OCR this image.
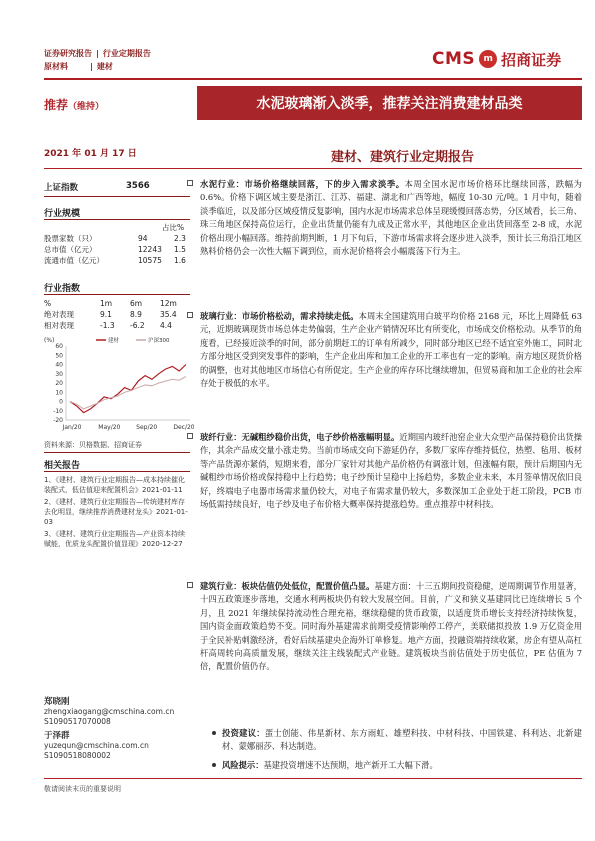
证券研究报告 | 行业定期报告
原材料	| 建材	CMS m 招商证券
推荐（维持）	水泥玻璃渐入淡季，推荐关注消费建材品类
2021 年 01 月 17 日	建材、建筑行业定期报告
上证指数	3566
行业规模
占比%
股票家数（只）	94	2.3
总市值（亿元）	12243	1.5
流通市值（亿元）	10575	1.6
行业指数
%	1m	6m	12m
绝对表现	9.1	8.9	35.4
相对表现	-1.3	-6.2	4.4
(%)
60
50
40
30
20
10
0
-10
-20
Jan/20	May/20	Sep/20	Dec/20
建材	沪深300
资料来源：贝格数据、招商证券
相关报告
1、《建材、建筑行业定期报告—成本持续催化装配式，低估值迎来配置机会》2021-01-11
2、《建材、建筑行业定期报告—传统建材库存去化明显，继续推荐消费建材龙头》2021-01-03
3、《建材、建筑行业定期报告—产业资本持续赋能，优质龙头配置价值显现》2020-12-27
郑晓刚
zhengxiaogang@cmschina.com.cn
S1090517070008
于泽群
yuzequn@cmschina.com.cn
S1090518080002
水泥行业：市场价格继续回落，下的步入需求淡季。本周全国水泥市场价格环比继续回落，跌幅为 0.6%。价格下调区域主要是浙江、江苏、福建、湖北和广西等地，幅度 10-30 元/吨。1 月中旬，随着淡季临近，以及部分区域疫情反复影响，国内水泥市场需求总体呈现缓慢回落态势，分区域看，长三角、珠三角地区保持高位运行，企业出货量仍能有九成及正常水平，其他地区企业出货回落至 2-8 成，水泥价格出现小幅回落。维持前期判断，1 月下旬后，下游市场需求将会逐步进入淡季，预计长三角沿江地区熟料价格仍会一次性大幅下调到位，而水泥价格将会小幅震荡下行为主。
玻璃行业：市场价格松动，需求持续走低。本周末全国建筑用白玻平均价格 2168 元，环比上周降低 63 元，近期玻璃现货市场总体走势偏弱，生产企业产销情况环比有所变化，市场成交价格松动。从季节的角度看，已经接近淡季的时间，部分前期赶工的订单有所减少，同时部分地区已经不适宜室外施工，同时北方部分地区受到突发事件的影响，生产企业出库和加工企业的开工率也有一定的影响。南方地区现货价格的调整，也对其他地区市场信心有所促定。生产企业的库存环比继续增加，但贸易商和加工企业的社会库存处于极低的水平。
玻纤行业：无碱粗纱稳价出货，电子纱价格涨幅明显。近期国内玻纤池窑企业大众型产品保持稳价出货操作，其余产品成交量小涨走势。当前市场成交向下游延仍存，多数厂家库存维持低位，热塑、毡用、板材等产品货源亦紧俏，短期来看，部分厂家针对其他产品价格仍有调涨计划，但涨幅有限，预计后期国内无碱粗纱市场价格或保持稳中上行趋势；电子纱预计呈稳中上扬趋势，多数企业未来，本月签单情况依旧良好，终端电子电器市场需求量仍较大，对电子布需求量仍较大，多数深加工企业处于赶工阶段，PCB 市场低需持续良好，电子纱及电子布价格大概率保持提涨趋势。重点推荐中材科技。
建筑行业：板块估值仍处低位，配置价值凸显。基建方面：十三五期间投资稳健，逆周期调节作用显著，十四五政策逐步落地，交通水利两板块仍有较大发展空间。目前，广义和狭义基建同比已连续增长 5 个月，且 2021 年继续保持流动性合理充裕，继续稳健的货币政策，以适度货币增长支持经济持续恢复，国内资金面政策趋势不变。同时海外基建需求前期受疫情影响停工停产，美联储拟投放 1.9 万亿资金用于全民补贴刺激经济，看好后续基建央企海外订单修复。地产方面，投融资端持续收紧，房企有望从高杠杆高周转向高质量发展，继续关注主线装配式产业链。建筑板块当前估值处于历史低位，PE 估值为 7 倍，配置价值仍存。
投资建议：蛋士创能、伟星新材、东方雨虹、雄塑科技、中材科技、中国铁建、科利达、北新建材、蒙娜丽莎、科达制造。
风险提示：基建投资增速不达预期，地产新开工大幅下滑。
敬请阅读末页的重要说明
